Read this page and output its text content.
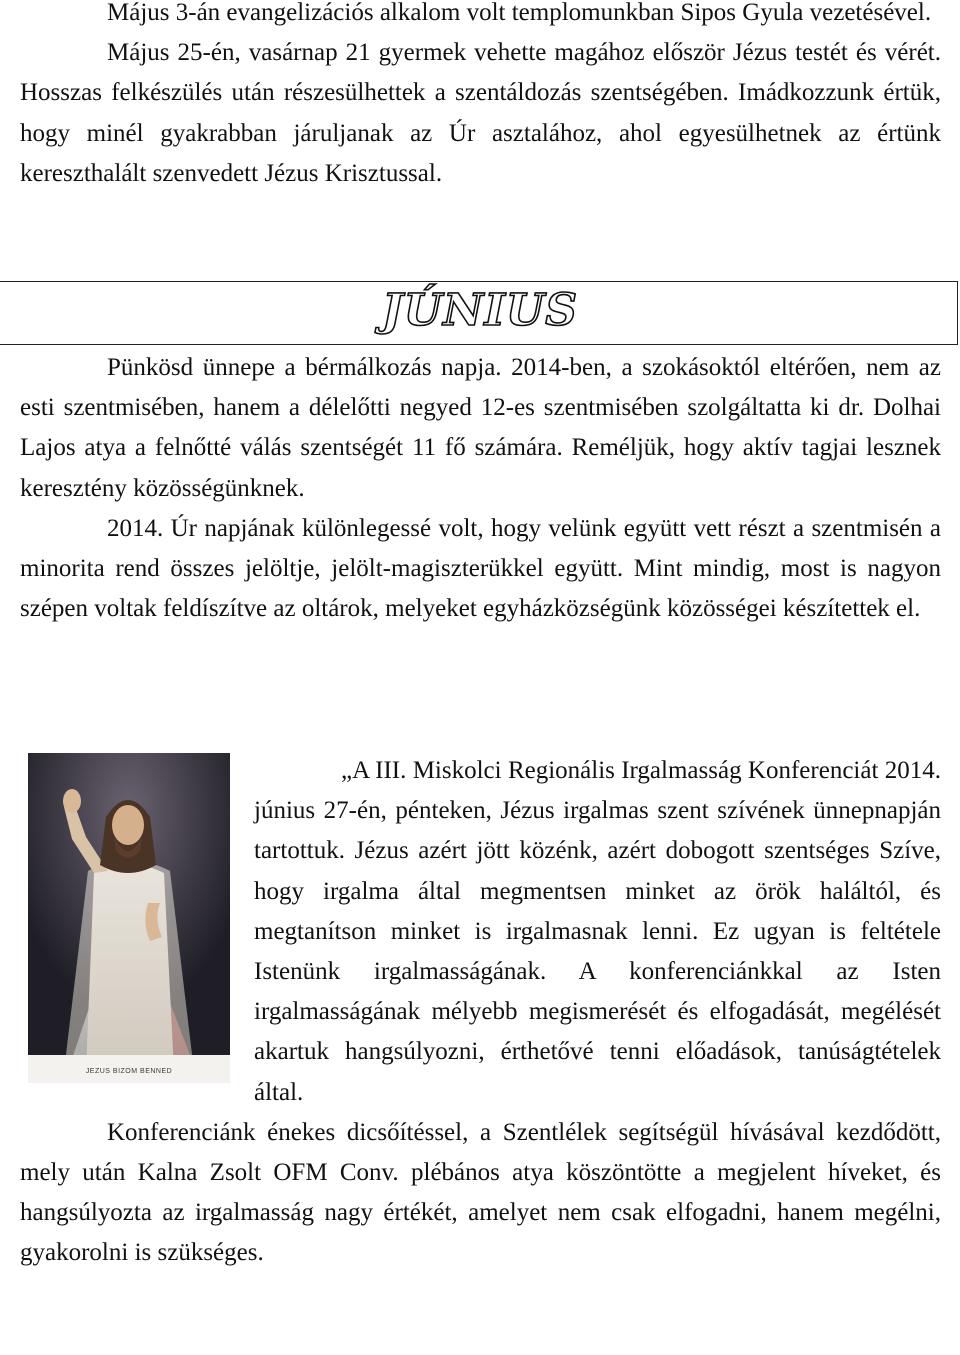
Május 3-án evangelizációs alkalom volt templomunkban Sipos Gyula vezetésével.

Május 25-én, vasárnap 21 gyermek vehette magához először Jézus testét és vérét. Hosszas felkészülés után részesülhettek a szentáldozás szentségében. Imádkozzunk értük, hogy minél gyakrabban járuljanak az Úr asztalához, ahol egyesülhetnek az értünk kereszthalált szenvedett Jézus Krisztussal.

JÚNIUS

Pünkösd ünnepe a bérmálkozás napja. 2014-ben, a szokásoktól eltérően, nem az esti szentmisében, hanem a délelőtti negyed 12-es szentmisében szolgáltatta ki dr. Dolhai Lajos atya a felnőtté válás szentségét 11 fő számára. Reméljük, hogy aktív tagjai lesznek keresztény közösségünknek.

2014. Úr napjának különlegessé volt, hogy velünk együtt vett részt a szentmisén a minorita rend összes jelöltje, jelölt-magiszterükkel együtt. Mint mindig, most is nagyon szépen voltak feldíszítve az oltárok, melyeket egyházközségünk közösségei készítettek el.

JEZUS BIZOM BENNED

„A III. Miskolci Regionális Irgalmasság Konferenciát 2014. június 27-én, pénteken, Jézus irgalmas szent szívének ünnepnapján tartottuk. Jézus azért jött közénk, azért dobogott szentséges Szíve, hogy irgalma által megmentsen minket az örök haláltól, és megtanítson minket is irgalmasnak lenni. Ez ugyan is feltétele Istenünk irgalmasságának. A konferenciánkkal az Isten irgalmasságának mélyebb megismerését és elfogadását, megélését akartuk hangsúlyozni, érthetővé tenni előadások, tanúságtételek által.

Konferenciánk énekes dicsőítéssel, a Szentlélek segítségül hívásával kezdődött, mely után Kalna Zsolt OFM Conv. plébános atya köszöntötte a megjelent híveket, és hangsúlyozta az irgalmasság nagy értékét, amelyet nem csak elfogadni, hanem megélni, gyakorolni is szükséges.
